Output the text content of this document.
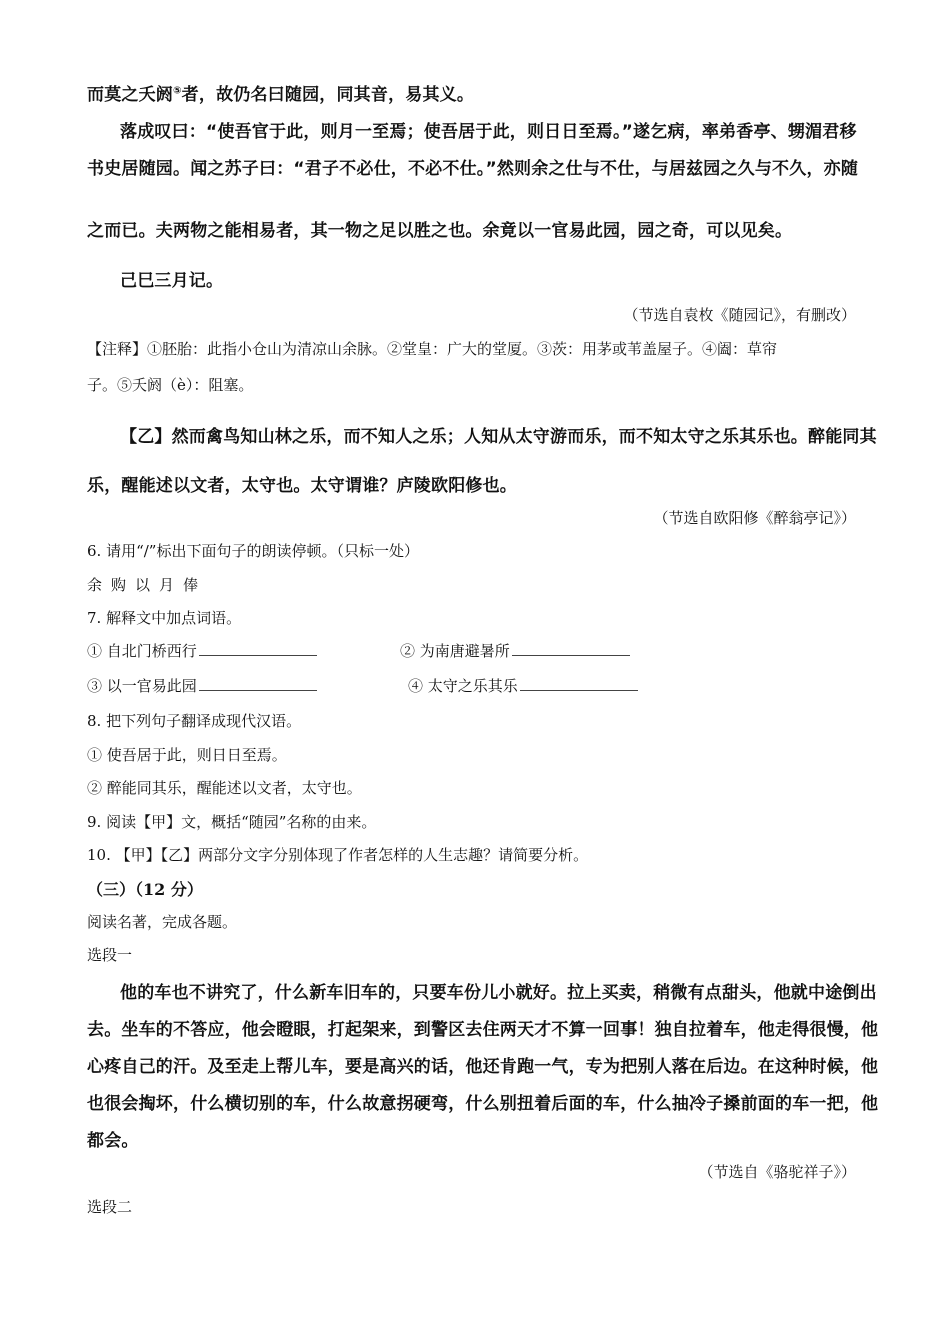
而莫之夭阏⑤者，故仍名曰随园，同其音，易其义。

落成叹曰：“使吾官于此，则月一至焉；使吾居于此，则日日至焉。”遂乞病，率弟香亭、甥湄君移

书史居随园。闻之苏子曰：“君子不必仕，不必不仕。”然则余之仕与不仕，与居兹园之久与不久，亦随

之而已。夫两物之能相易者，其一物之足以胜之也。余竟以一官易此园，园之奇，可以见矣。

己巳三月记。

（节选自袁枚《随园记》，有删改）

【注释】①胚胎：此指小仓山为清凉山余脉。②堂皇：广大的堂厦。③茨：用茅或苇盖屋子。④阖：草帘

子。⑤夭阏（è）：阻塞。

【乙】然而禽鸟知山林之乐，而不知人之乐；人知从太守游而乐，而不知太守之乐其乐也。醉能同其

乐，醒能述以文者，太守也。太守谓谁？庐陵欧阳修也。

（节选自欧阳修《醉翁亭记》）

6. 请用“/”标出下面句子的朗读停顿。（只标一处）

余购以月俸

7. 解释文中加点词语。

① 自北门桥西行	② 为南唐避暑所

③ 以一官易此园	④ 太守之乐其乐

8. 把下列句子翻译成现代汉语。

① 使吾居于此，则日日至焉。

② 醉能同其乐，醒能述以文者，太守也。

9. 阅读【甲】文，概括“随园”名称的由来。

10. 【甲】【乙】两部分文字分别体现了作者怎样的人生志趣？请简要分析。

（三）（12 分）

阅读名著，完成各题。

选段一

他的车也不讲究了，什么新车旧车的，只要车份儿小就好。拉上买卖，稍微有点甜头，他就中途倒出

去。坐车的不答应，他会瞪眼，打起架来，到警区去住两天才不算一回事！独自拉着车，他走得很慢，他

心疼自己的汗。及至走上帮儿车，要是高兴的话，他还肯跑一气，专为把别人落在后边。在这种时候，他

也很会掏坏，什么横切别的车，什么故意拐硬弯，什么别扭着后面的车，什么抽冷子搡前面的车一把，他

都会。

（节选自《骆驼祥子》）

选段二
